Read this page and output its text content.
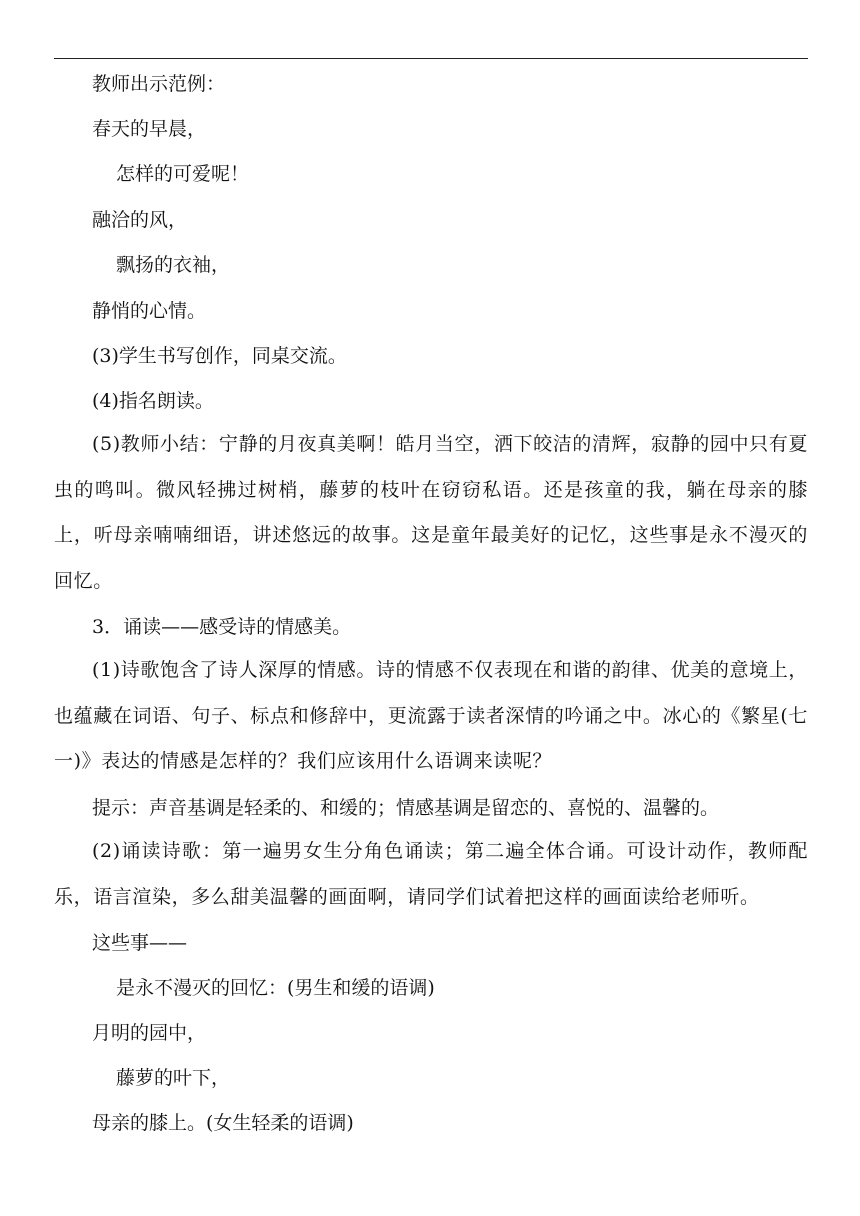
教师出示范例：
春天的早晨，
怎样的可爱呢！
融洽的风，
飘扬的衣袖，
静悄的心情。
(3)学生书写创作，同桌交流。
(4)指名朗读。
(5)教师小结：宁静的月夜真美啊！皓月当空，洒下皎洁的清辉，寂静的园中只有夏虫的鸣叫。微风轻拂过树梢，藤萝的枝叶在窃窃私语。还是孩童的我，躺在母亲的膝上，听母亲喃喃细语，讲述悠远的故事。这是童年最美好的记忆，这些事是永不漫灭的回忆。
3．诵读——感受诗的情感美。
(1)诗歌饱含了诗人深厚的情感。诗的情感不仅表现在和谐的韵律、优美的意境上，也蕴藏在词语、句子、标点和修辞中，更流露于读者深情的吟诵之中。冰心的《繁星(七一)》表达的情感是怎样的？我们应该用什么语调来读呢？
提示：声音基调是轻柔的、和缓的；情感基调是留恋的、喜悦的、温馨的。
(2)诵读诗歌：第一遍男女生分角色诵读；第二遍全体合诵。可设计动作，教师配乐，语言渲染，多么甜美温馨的画面啊，请同学们试着把这样的画面读给老师听。
这些事——
是永不漫灭的回忆：(男生和缓的语调)
月明的园中，
藤萝的叶下，
母亲的膝上。(女生轻柔的语调)
